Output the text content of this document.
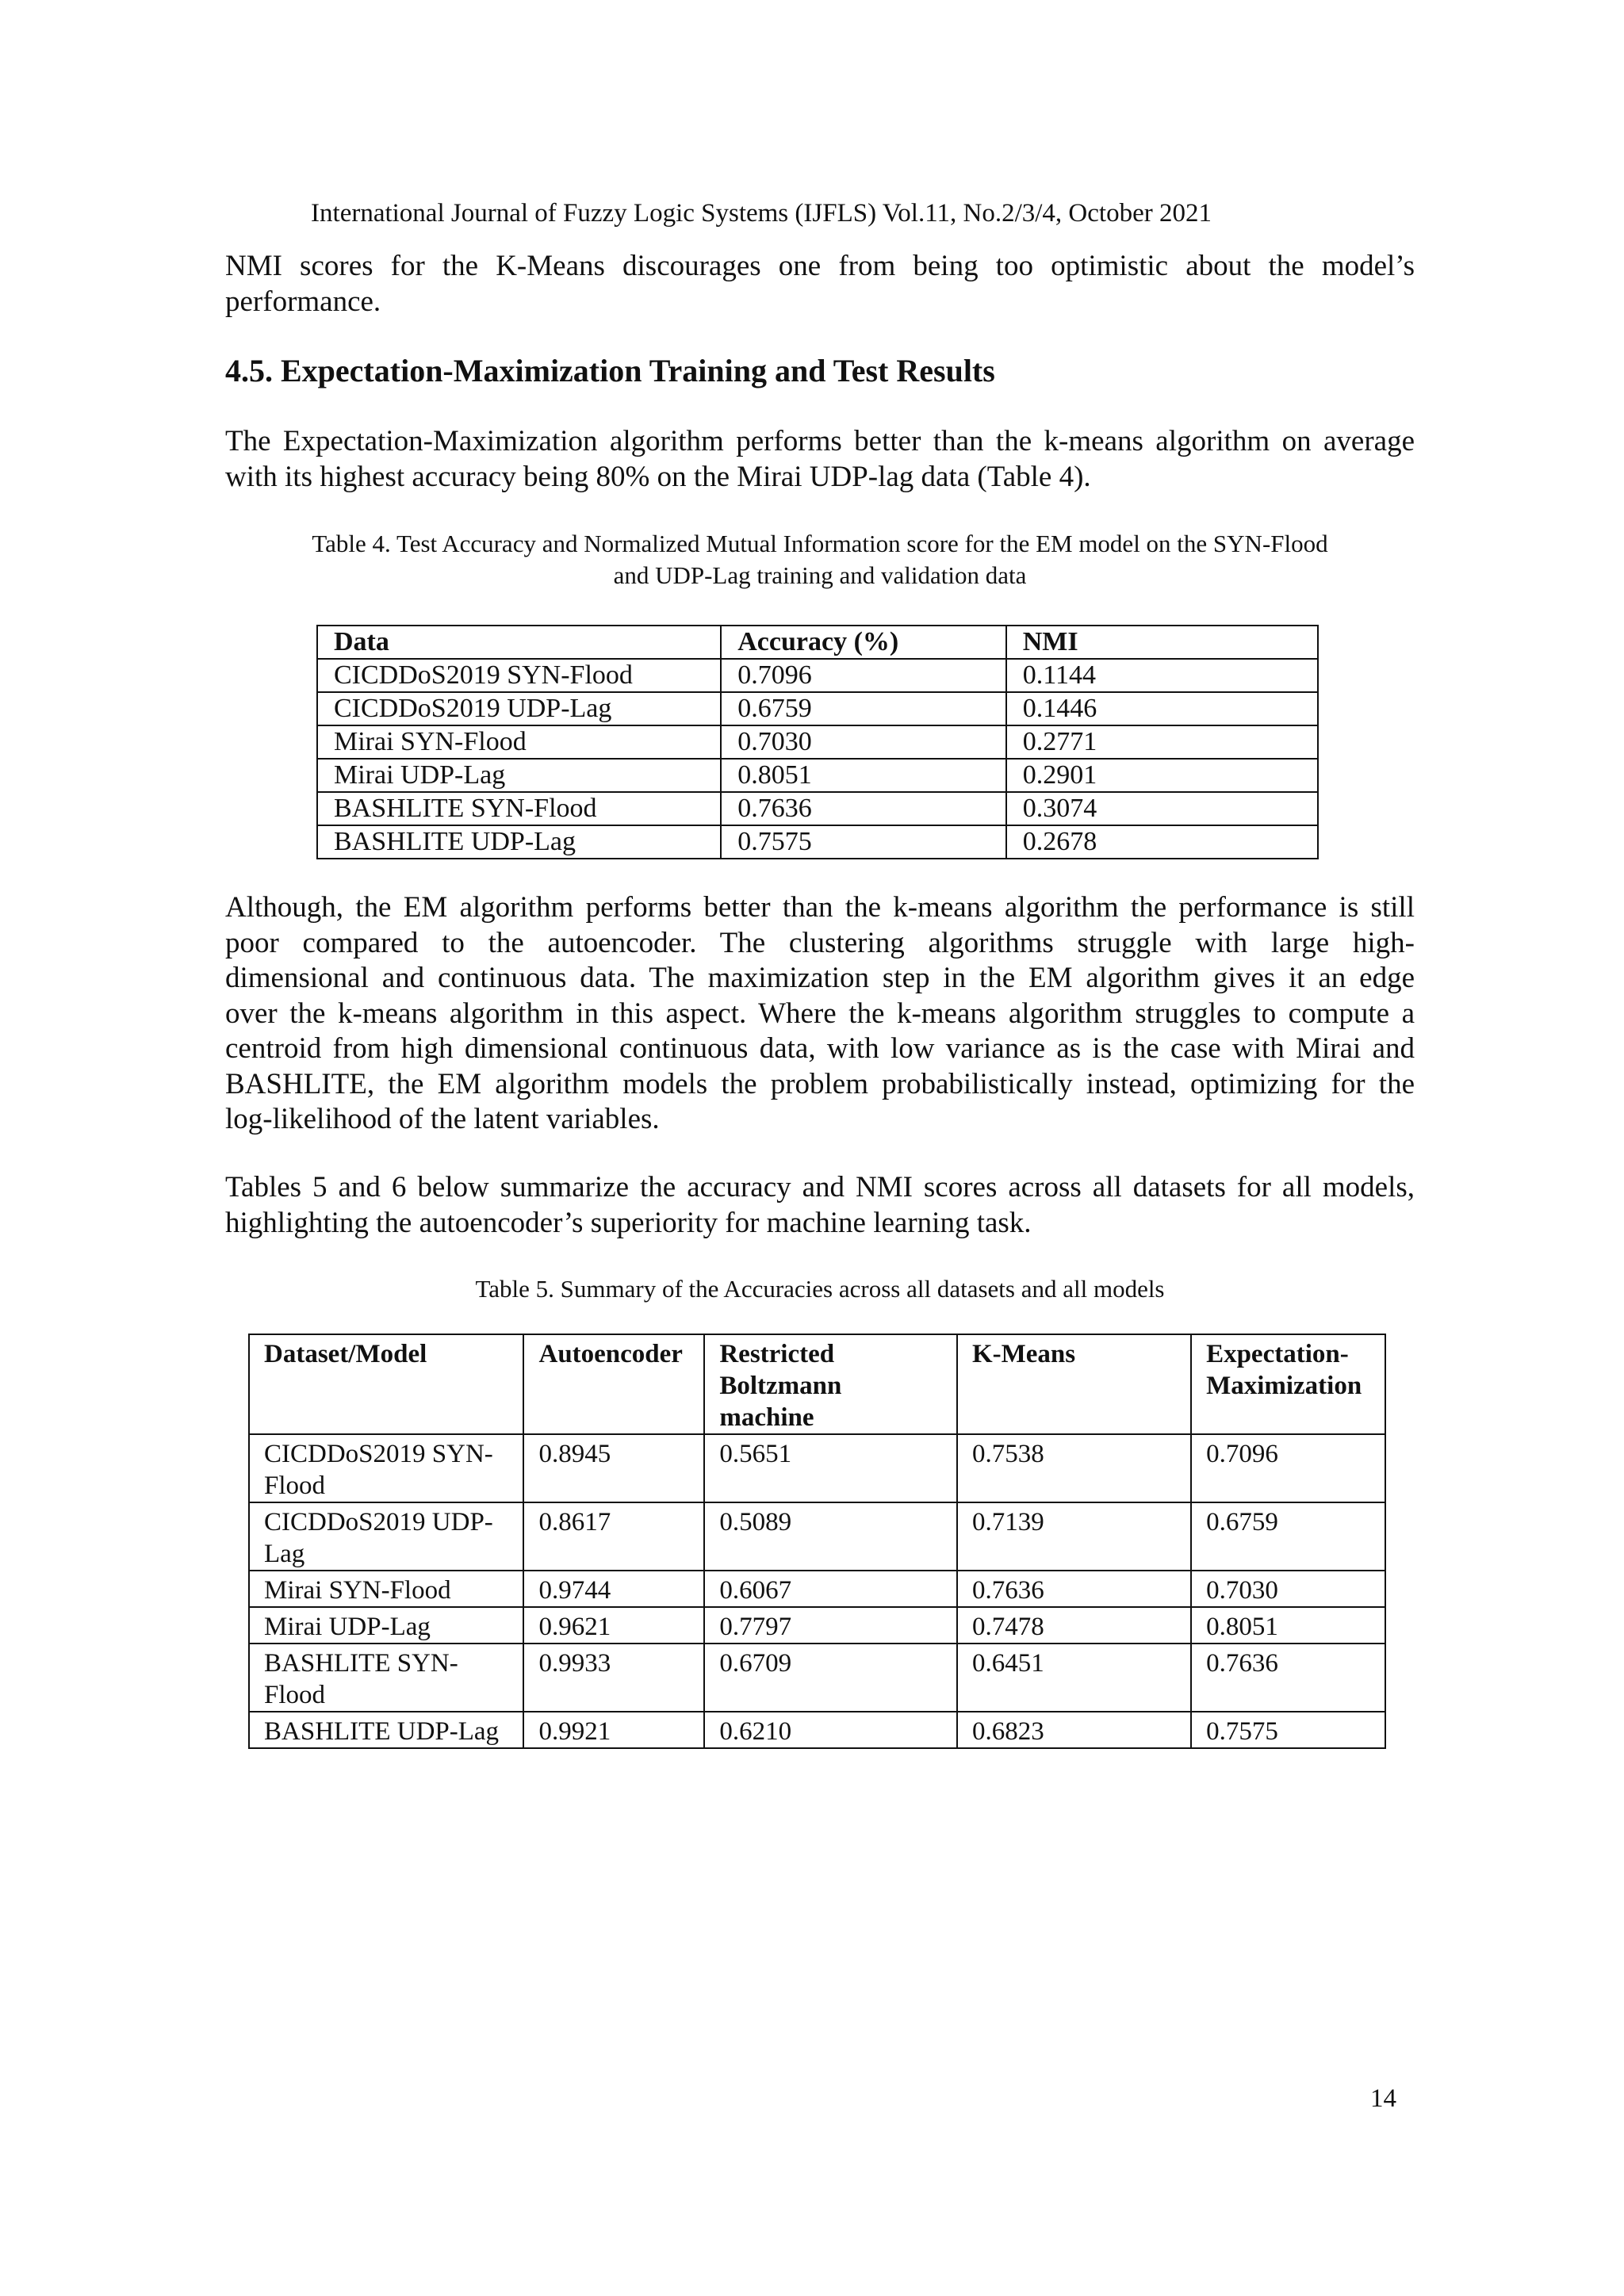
International Journal of Fuzzy Logic Systems (IJFLS) Vol.11, No.2/3/4, October 2021
NMI scores for the K-Means discourages one from being too optimistic about the model’s
performance.
4.5. Expectation-Maximization Training and Test Results
The Expectation-Maximization algorithm performs better than the k-means algorithm on average
with its highest accuracy being 80% on the Mirai UDP-lag data (Table 4).
Table 4. Test Accuracy and Normalized Mutual Information score for the EM model on the SYN-Flood
and UDP-Lag training and validation data
Data	Accuracy (%)	NMI
CICDDoS2019 SYN-Flood	0.7096	0.1144
CICDDoS2019 UDP-Lag	0.6759	0.1446
Mirai SYN-Flood	0.7030	0.2771
Mirai UDP-Lag	0.8051	0.2901
BASHLITE SYN-Flood	0.7636	0.3074
BASHLITE UDP-Lag	0.7575	0.2678
Although, the EM algorithm performs better than the k-means algorithm the performance is still
poor compared to the autoencoder. The clustering algorithms struggle with large high-
dimensional and continuous data. The maximization step in the EM algorithm gives it an edge
over the k-means algorithm in this aspect. Where the k-means algorithm struggles to compute a
centroid from high dimensional continuous data, with low variance as is the case with Mirai and
BASHLITE, the EM algorithm models the problem probabilistically instead, optimizing for the
log-likelihood of the latent variables.
Tables 5 and 6 below summarize the accuracy and NMI scores across all datasets for all models,
highlighting the autoencoder’s superiority for machine learning task.
Table 5. Summary of the Accuracies across all datasets and all models
Dataset/Model	Autoencoder	Restricted Boltzmann machine	K-Means	Expectation-Maximization
CICDDoS2019 SYN-Flood	0.8945	0.5651	0.7538	0.7096
CICDDoS2019 UDP-Lag	0.8617	0.5089	0.7139	0.6759
Mirai SYN-Flood	0.9744	0.6067	0.7636	0.7030
Mirai UDP-Lag	0.9621	0.7797	0.7478	0.8051
BASHLITE SYN-Flood	0.9933	0.6709	0.6451	0.7636
BASHLITE UDP-Lag	0.9921	0.6210	0.6823	0.7575
14
